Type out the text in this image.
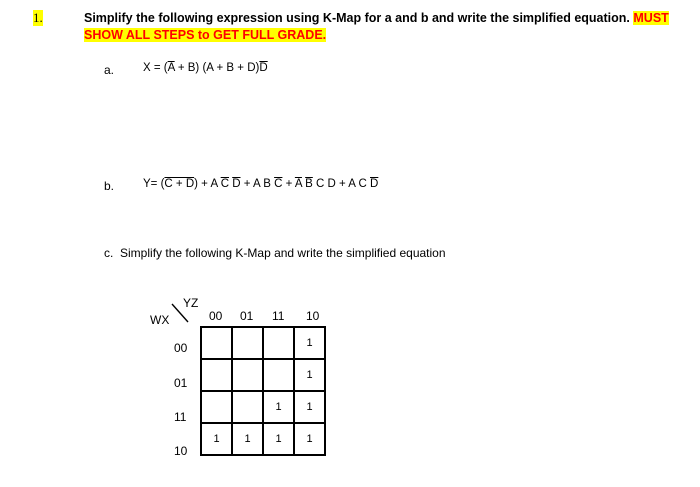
1.	Simplify the following expression using K-Map for a and b and write the simplified equation. MUST
SHOW ALL STEPS to GET FULL GRADE.
a.	$X = (\overline{A} + B) (A + B + D)\overline{D}$
b.	Y= (C + D) + A $\overline{C}$ $\overline{D} + A$ B $\overline{C} + \overline{A}$ $\overline{B}$ C D + A C $\overline{D}$
c. Simplify the following K-Map and write the simplified equation
YZ
WX	00 01 11 10
00
01
11
10
			1
			1
		1	1
1	1	1	1
